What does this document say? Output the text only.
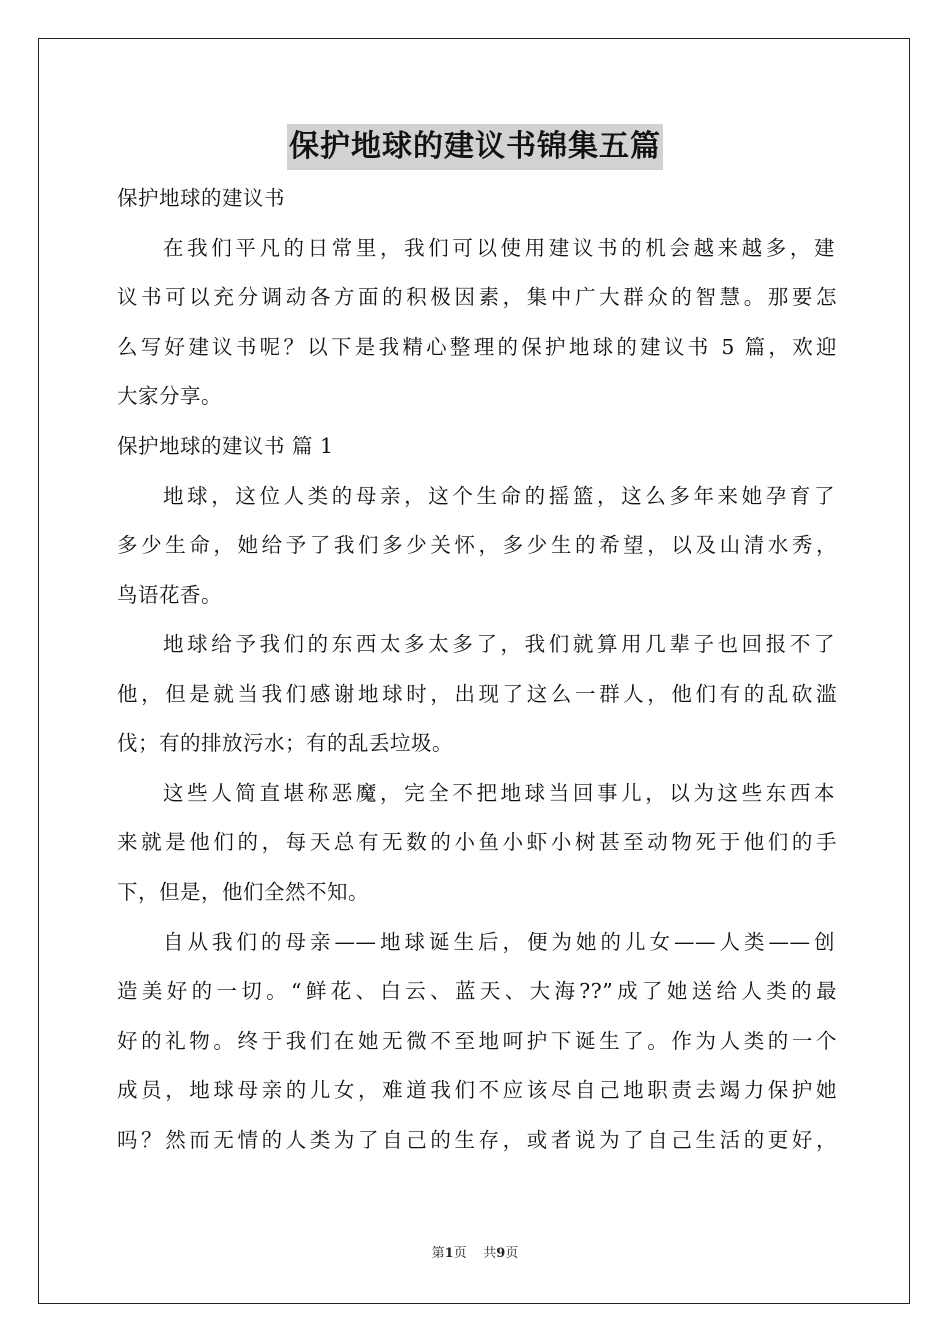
保护地球的建议书锦集五篇
保护地球的建议书
在我们平凡的日常里，我们可以使用建议书的机会越来越多，建
议书可以充分调动各方面的积极因素，集中广大群众的智慧。那要怎
么写好建议书呢？以下是我精心整理的保护地球的建议书 5 篇，欢迎
大家分享。
保护地球的建议书 篇 1
地球，这位人类的母亲，这个生命的摇篮，这么多年来她孕育了
多少生命，她给予了我们多少关怀，多少生的希望，以及山清水秀，
鸟语花香。
地球给予我们的东西太多太多了，我们就算用几辈子也回报不了
他，但是就当我们感谢地球时，出现了这么一群人，他们有的乱砍滥
伐；有的排放污水；有的乱丢垃圾。
这些人简直堪称恶魔，完全不把地球当回事儿，以为这些东西本
来就是他们的，每天总有无数的小鱼小虾小树甚至动物死于他们的手
下，但是，他们全然不知。
自从我们的母亲——地球诞生后，便为她的儿女——人类——创
造美好的一切。“鲜花、白云、蓝天、大海??”成了她送给人类的最
好的礼物。终于我们在她无微不至地呵护下诞生了。作为人类的一个
成员，地球母亲的儿女，难道我们不应该尽自己地职责去竭力保护她
吗？然而无情的人类为了自己的生存，或者说为了自己生活的更好，
第1页 共9页
